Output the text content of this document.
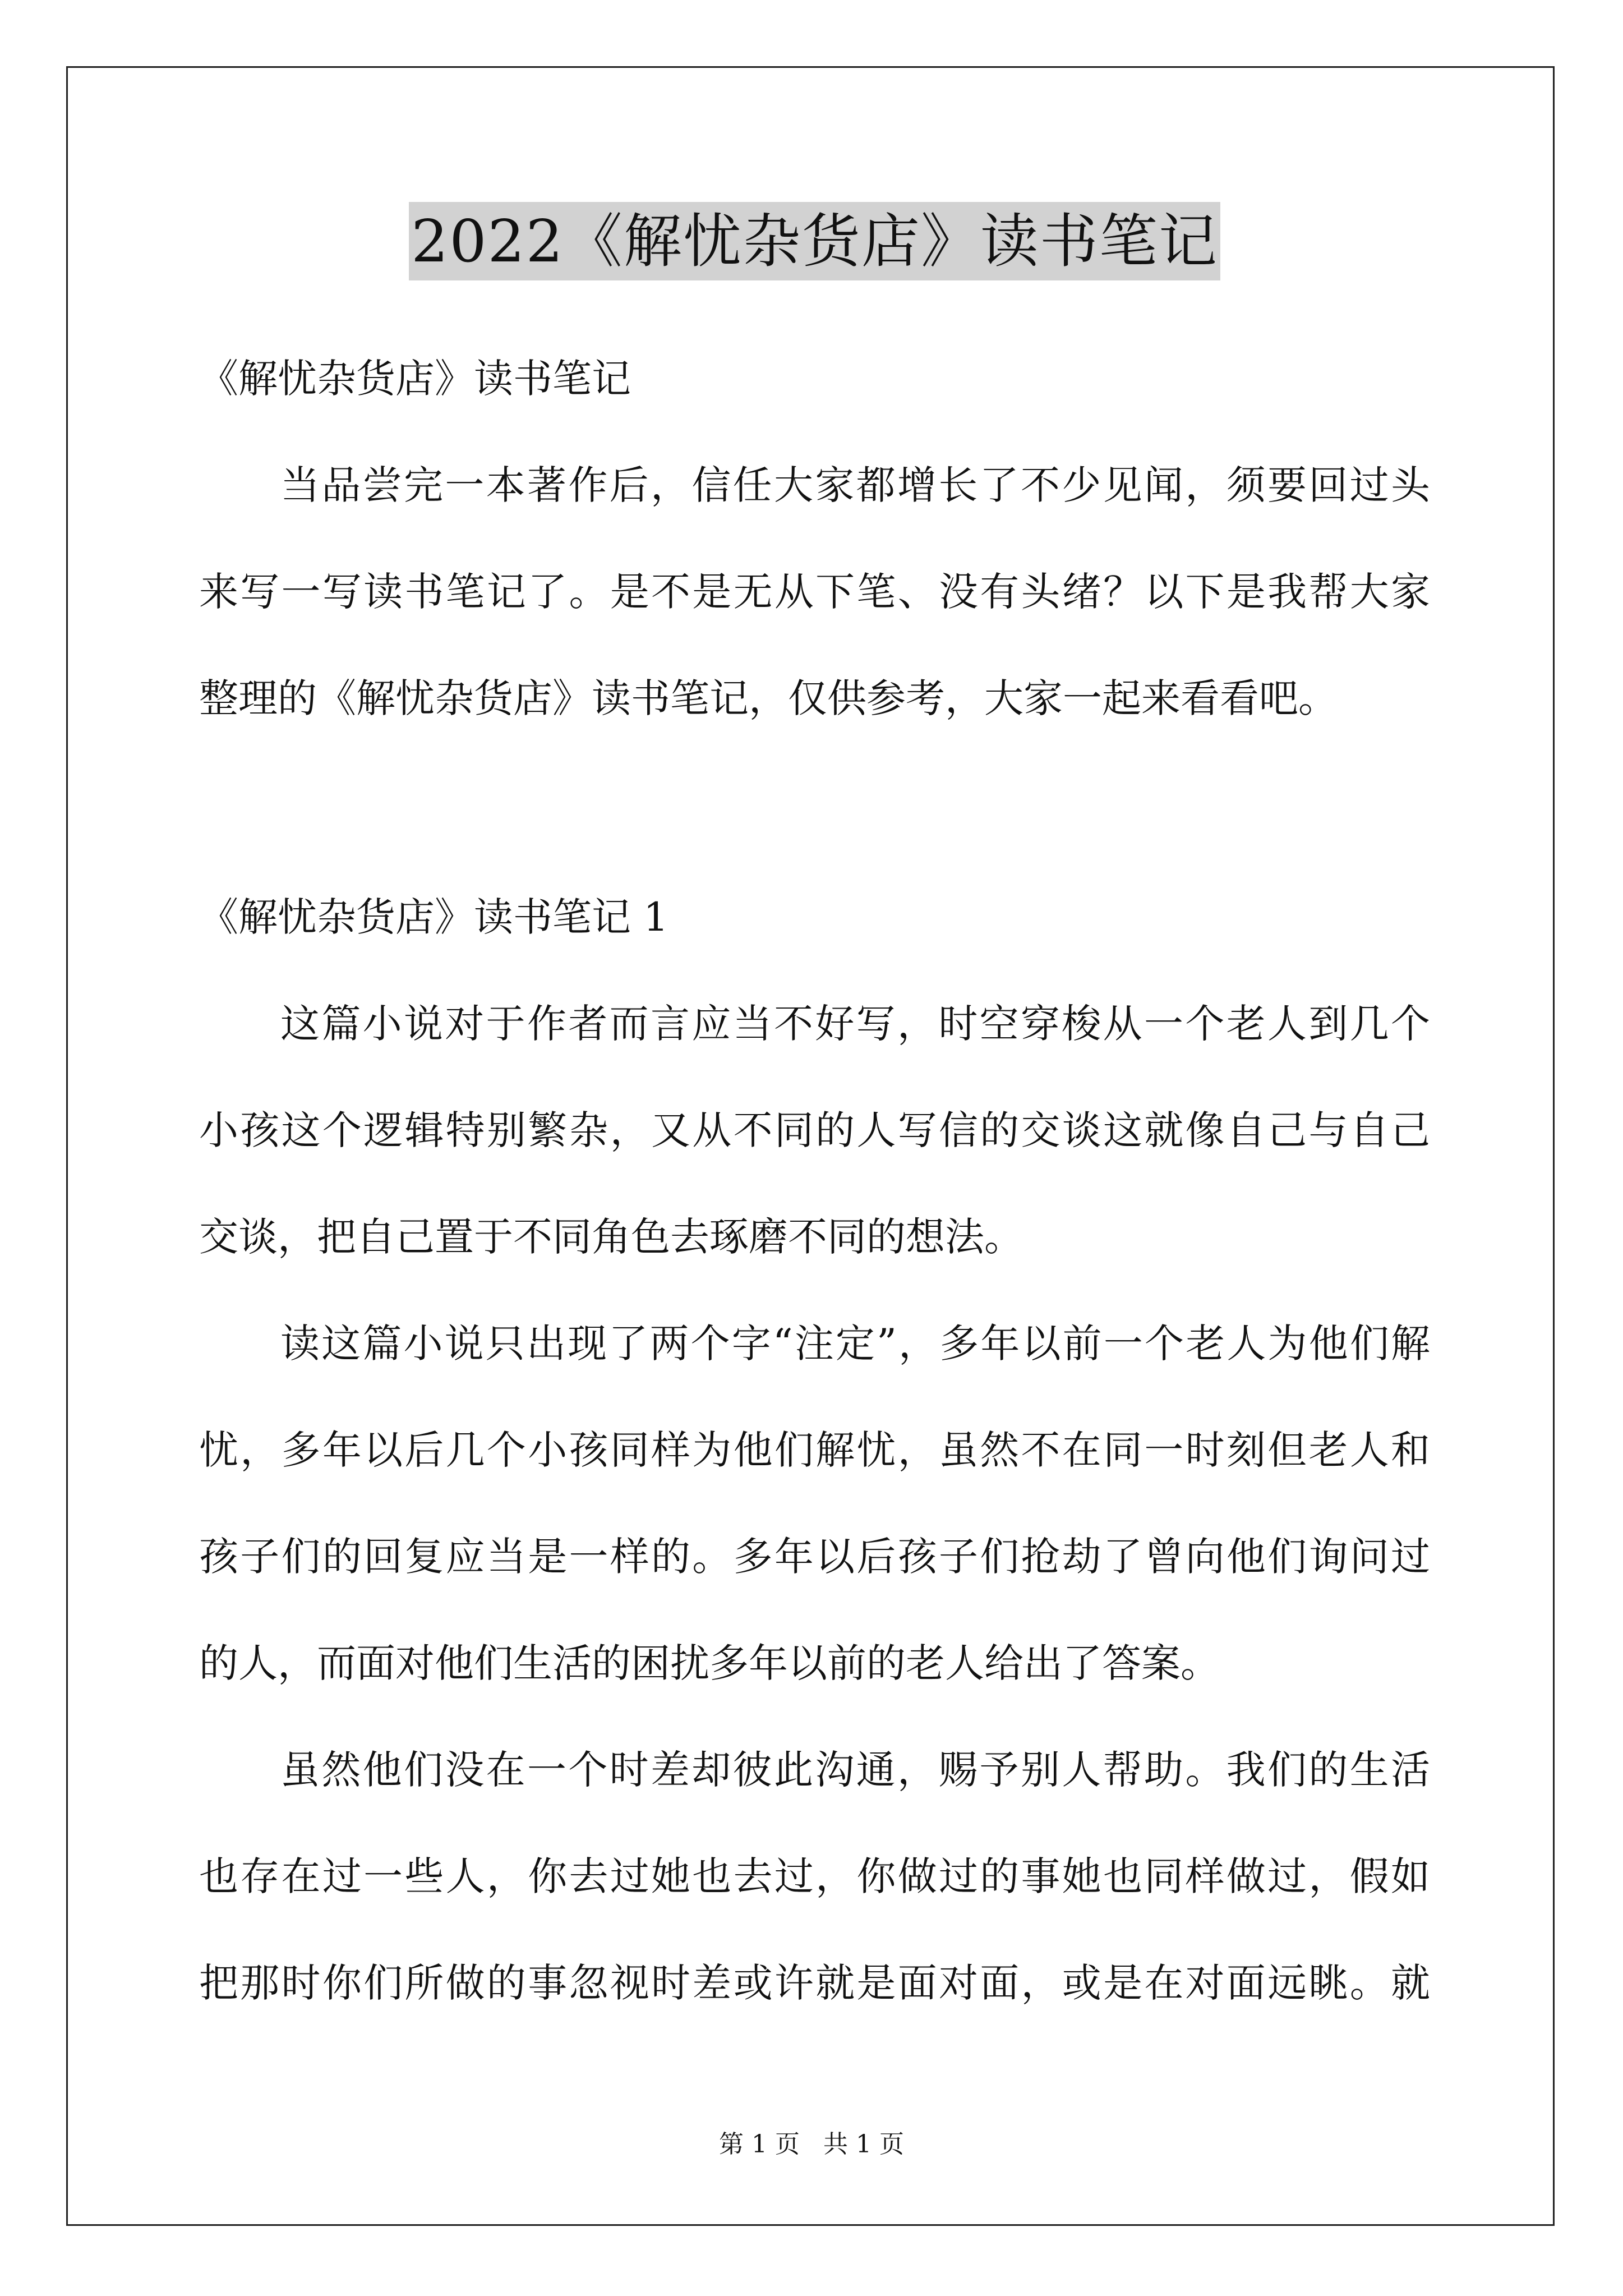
2022《解忧杂货店》读书笔记
《解忧杂货店》读书笔记
当品尝完一本著作后，信任大家都增长了不少见闻，须要回过头
来写一写读书笔记了。是不是无从下笔、没有头绪？以下是我帮大家
整理的《解忧杂货店》读书笔记，仅供参考，大家一起来看看吧。
《解忧杂货店》读书笔记 1
这篇小说对于作者而言应当不好写，时空穿梭从一个老人到几个
小孩这个逻辑特别繁杂，又从不同的人写信的交谈这就像自己与自己
交谈，把自己置于不同角色去琢磨不同的想法。
读这篇小说只出现了两个字“注定”，多年以前一个老人为他们解
忧，多年以后几个小孩同样为他们解忧，虽然不在同一时刻但老人和
孩子们的回复应当是一样的。多年以后孩子们抢劫了曾向他们询问过
的人，而面对他们生活的困扰多年以前的老人给出了答案。
虽然他们没在一个时差却彼此沟通，赐予别人帮助。我们的生活
也存在过一些人，你去过她也去过，你做过的事她也同样做过，假如
把那时你们所做的事忽视时差或许就是面对面，或是在对面远眺。就
第 1 页 共 1 页
